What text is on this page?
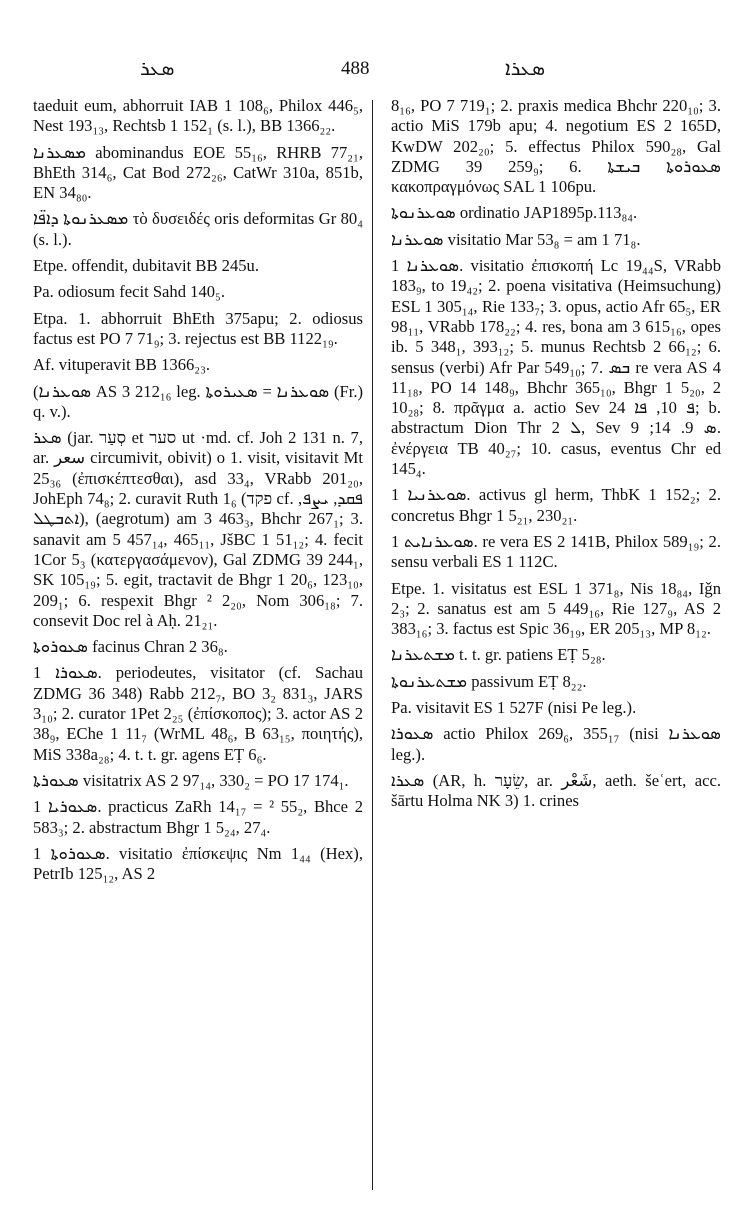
ܣܥܪ	488	ܣܥܪܐ

taeduit eum, abhorruit IAB 1 108₆, Philox 446₅, Nest 193₁₃, Rechtsb 1 152₁ (s. l.), BB 1366₂₂.

ܡܣܥܪܢܐ abominandus EOE 55₁₆, RHRB 77₂₁, BhEth 314₆, Cat Bod 272₂₆, CatWr 310a, 851b, EN 34₈₀.

ܡܣܥܪܢܘܬܐ ܕܐܦ̈ܐ τὸ δυσειδές oris deformitas Gr 80₄ (s. l.).

Etpe. offendit, dubitavit BB 245u.

Pa. odiosum fecit Sahd 140₅.

Etpa. 1. abhorruit BhEth 375apu; 2. odiosus factus est PO 7 71₉; 3. rejectus est BB 1122₁₉.

Af. vituperavit BB 1366₂₃.

(ܣܘܥܪܢܐ AS 3 212₁₆ leg. ܣܘܥܪܢܐ = ܣܥܝܪܘܬܐ (Fr.) q. v.).

ܣܥܪ (jar. סְעַר et סער ut ·md. cf. Joh 2 131 n. 7, ar. سعر circumivit, obivit) ο 1. visit, visitavit Mt 25₃₆ (ἐπισκέπτεσθαι), asd 33₄, VRabb 201₂₀, JohEph 74₈; 2. curavit Ruth 1₆ (פקד cf. ܦܩܕ, ܝܨܦ, ܐܬܒܛܠ), (aegrotum) am 3 463₃, Bhchr 267₁; 3. sanavit am 5 457₁₄, 465₁₁, JšBC 1 51₁₂; 4. fecit 1Cor 5₃ (κατεργασάμενον), Gal ZDMG 39 244₁, SK 105₁₉; 5. egit, tractavit de Bhgr 1 20₆, 123₁₀, 209₁; 6. respexit Bhgr ² 2₂₀, Nom 306₁₈; 7. consevit Doc rel à Aḥ. 21₂₁.

ܣܥܘܪܘܬܐ facinus Chran 2 36₈.

ܣܥܘܪܐ 1. periodeutes, visitator (cf. Sachau ZDMG 36 348) Rabb 212₇, BO 3₂ 831₃, JARS 3₁₀; 2. curator 1Pet 2₂₅ (ἐπίσκοπος); 3. actor AS 2 38₉, EChe 1 11₇ (WrML 48₆, B 63₁₅, ποιητής), MiS 338a₂₈; 4. t. t. gr. agens EṬ 6₆.

ܣܥܘܪܬܐ visitatrix AS 2 97₁₄, 330₂ = PO 17 174₁.

ܣܥܘܪܝܐ 1. practicus ZaRh 14₁₇ = ² 55₂, Bhce 2 583₃; 2. abstractum Bhgr 1 5₂₄, 27₄.

ܣܥܘܪܘܬܐ 1. visitatio ἐπίσκεψις Nm 1₄₄ (Hex), PetrIb 125₁₂, AS 2

8₁₆, PO 7 719₁; 2. praxis medica Bhchr 220₁₀; 3. actio MiS 179b apu; 4. negotium ES 2 165D, KwDW 202₂₀; 5. effectus Philox 590₂₈, Gal ZDMG 39 259₉; 6. ܣܥܘܪܘܬܐ ܒܝܫܬܐ κακοπραγμόνως SAL 1 106pu.

ܣܘܥܪܢܘܬܐ ordinatio JAP1895p.113₈₄.

ܣܘܥܪܢܐ visitatio Mar 53₈ = am 1 71₈.

ܣܘܥܪܢܐ 1. visitatio ἐπισκοπή Lc 19₄₄S, VRabb 183₉, to 19₄₂; 2. poena visitativa (Heimsuchung) ESL 1 305₁₄, Rie 133₇; 3. opus, actio Afr 65₅, ER 98₁₁, VRabb 178₂₂; 4. res, bona am 3 615₁₆, opes ib. 5 348₁, 393₁₂; 5. munus Rechtsb 2 66₁₂; 6. sensus (verbi) Afr Par 549₁₀; 7. ܒܣ re vera AS 4 11₁₈, PO 14 148₉, Bhchr 365₁₀, Bhgr 1 5₂₀, 2 10₂₈; 8. πρᾶγμα a. actio Sev ܦ 10, ܦܐ 24; b. abstractum Dion Thr ܠ 2, Sev ܣ 9. 14; 9. ἐνέργεια TB 40₂₇; 10. casus, eventus Chr ed 145₄.

ܣܘܥܪܢܝܐ 1. activus gl herm, ThbK 1 152₂; 2. concretus Bhgr 1 5₂₁, 230₂₁.

ܣܘܥܪܢܐܝܬ 1. re vera ES 2 141B, Philox 589₁₉; 2. sensu verbali ES 1 112C.

Etpe. 1. visitatus est ESL 1 371₈, Nis 18₈₄, Iǧn 2₃; 2. sanatus est am 5 449₁₆, Rie 127₉, AS 2 383₁₆; 3. factus est Spic 36₁₉, ER 205₁₃, MP 8₁₂.

ܡܫܬܥܪܢܐ t. t. gr. patiens EṬ 5₂₈.

ܡܫܬܥܪܢܘܬܐ passivum EṬ 8₂₂.

Pa. visitavit ES 1 527F (nisi Pe leg.).

ܣܥܘܪܐ actio Philox 269₆, 355₁₇ (nisi ܣܘܥܪܢܐ leg.).

ܣܥܪܐ (AR, h. שֵׂעָר, ar. شَعْر, aeth. šeʿert, acc. šārtu Holma NK 3) 1. crines
